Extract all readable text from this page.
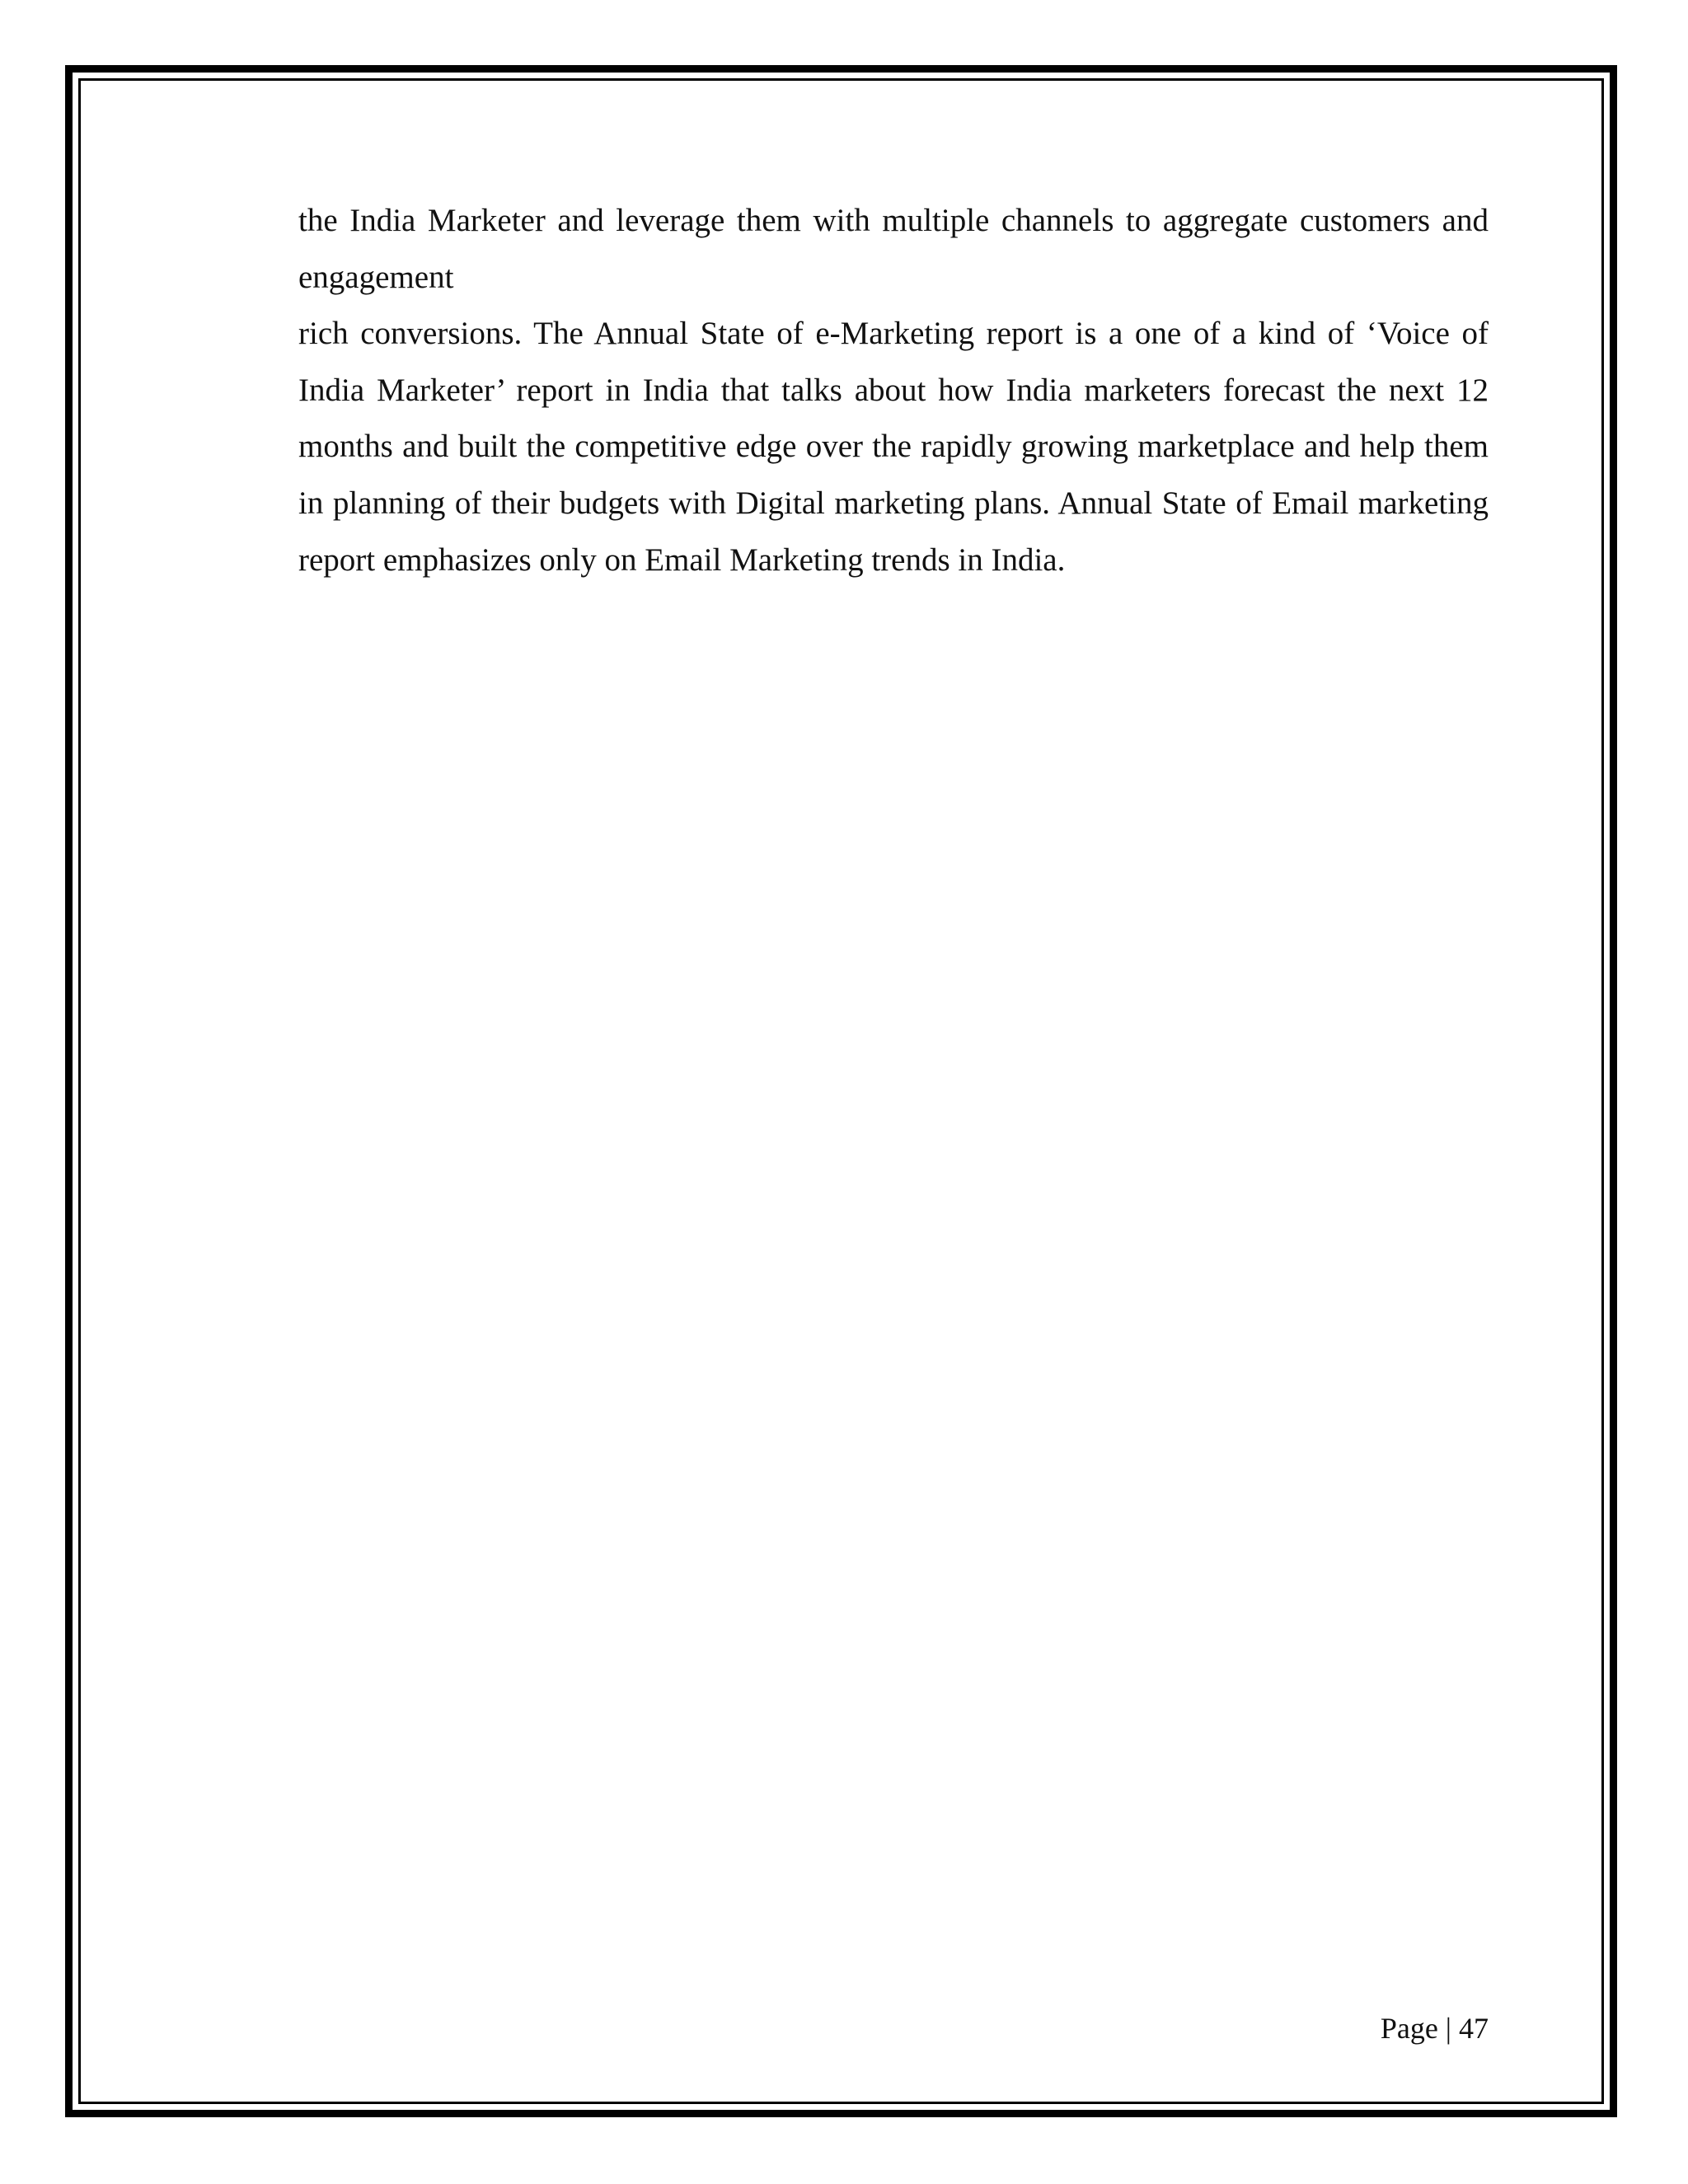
the India Marketer and leverage them with multiple channels to aggregate customers and

engagement

rich conversions. The Annual State of e-Marketing report is a one of a kind of ‘Voice of India Marketer’ report in India that talks about how India marketers forecast the next 12 months and built the competitive edge over the rapidly growing marketplace and help them in planning of their budgets with Digital marketing plans. Annual State of Email marketing report emphasizes only on Email Marketing trends in India.

Page | 47
